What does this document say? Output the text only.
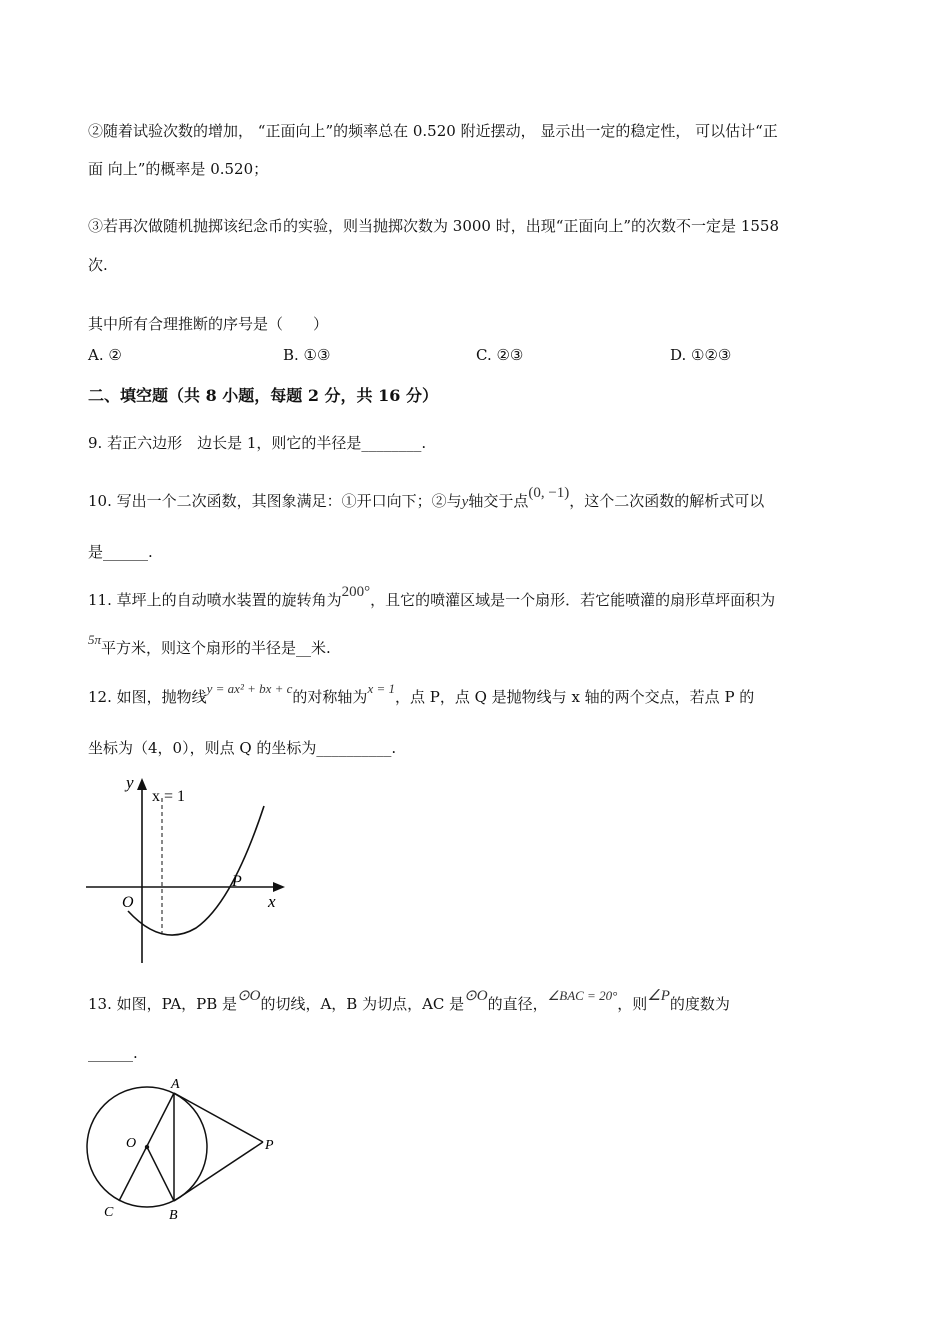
②随着试验次数的增加， “正面向上”的频率总在 0.520 附近摆动， 显示出一定的稳定性， 可以估计“正
面 向上”的概率是 0.520；
③若再次做随机抛掷该纪念币的实验，则当抛掷次数为 3000 时，出现“正面向上”的次数不一定是 1558
次.
其中所有合理推断的序号是（　　）
A. ②	B. ①③	C. ②③	D. ①②③
二、填空题（共 8 小题，每题 2 分，共 16 分）
9. 若正六边形　边长是 1，则它的半径是________.
10. 写出一个二次函数，其图象满足：①开口向下；②与y轴交于点(0, −1)，这个二次函数的解析式可以
是______.
11. 草坪上的自动喷水装置的旋转角为200°，且它的喷灌区域是一个扇形．若它能喷灌的扇形草坪面积为
5π平方米，则这个扇形的半径是__米.
12. 如图，抛物线y = ax² + bx + c的对称轴为x = 1，点 P，点 Q 是抛物线与 x 轴的两个交点，若点 P 的
坐标为（4，0），则点 Q 的坐标为__________.
y
x = 1
O
P
x
13. 如图，PA，PB 是⊙O的切线，A，B 为切点，AC 是⊙O的直径，∠BAC = 20°，则∠P的度数为
______.
A
B
C
O	P
